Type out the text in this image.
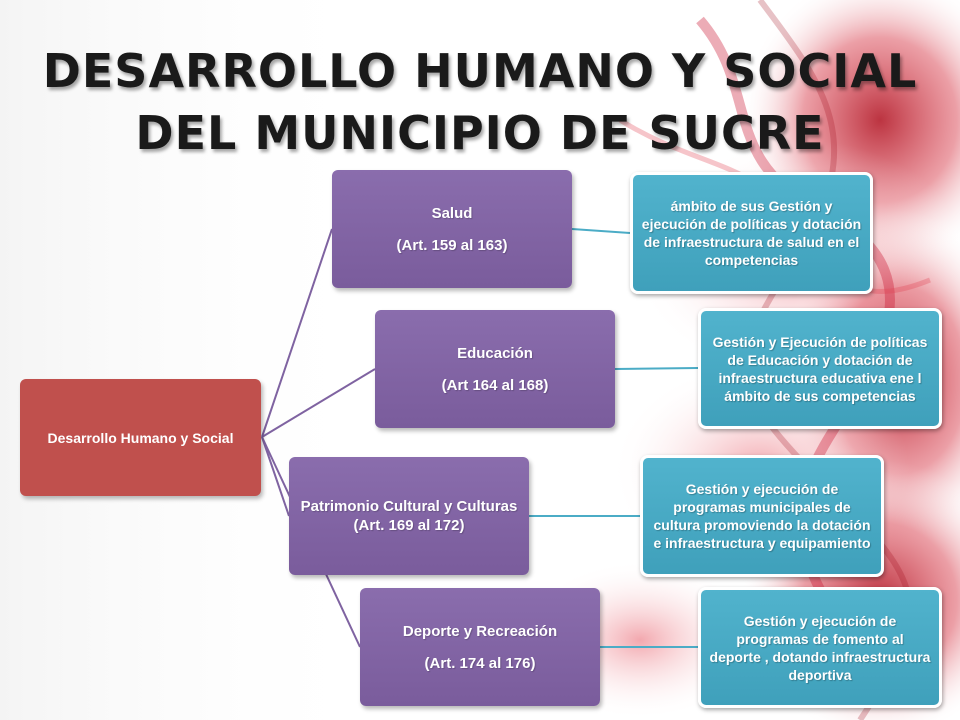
DESARROLLO HUMANO Y SOCIAL
DEL MUNICIPIO DE SUCRE
Desarrollo Humano y Social
Salud
(Art. 159 al 163)
Educación
(Art 164 al 168)
Patrimonio Cultural y Culturas
(Art. 169 al 172)
Deporte y Recreación
(Art. 174 al 176)
ámbito de sus Gestión y ejecución de políticas y dotación de infraestructura de salud en el competencias
Gestión y Ejecución de políticas de Educación y dotación de infraestructura educativa ene l ámbito de sus competencias
Gestión y ejecución de programas municipales de cultura promoviendo la dotación e infraestructura y equipamiento
Gestión y ejecución de programas de fomento al deporte , dotando infraestructura deportiva
